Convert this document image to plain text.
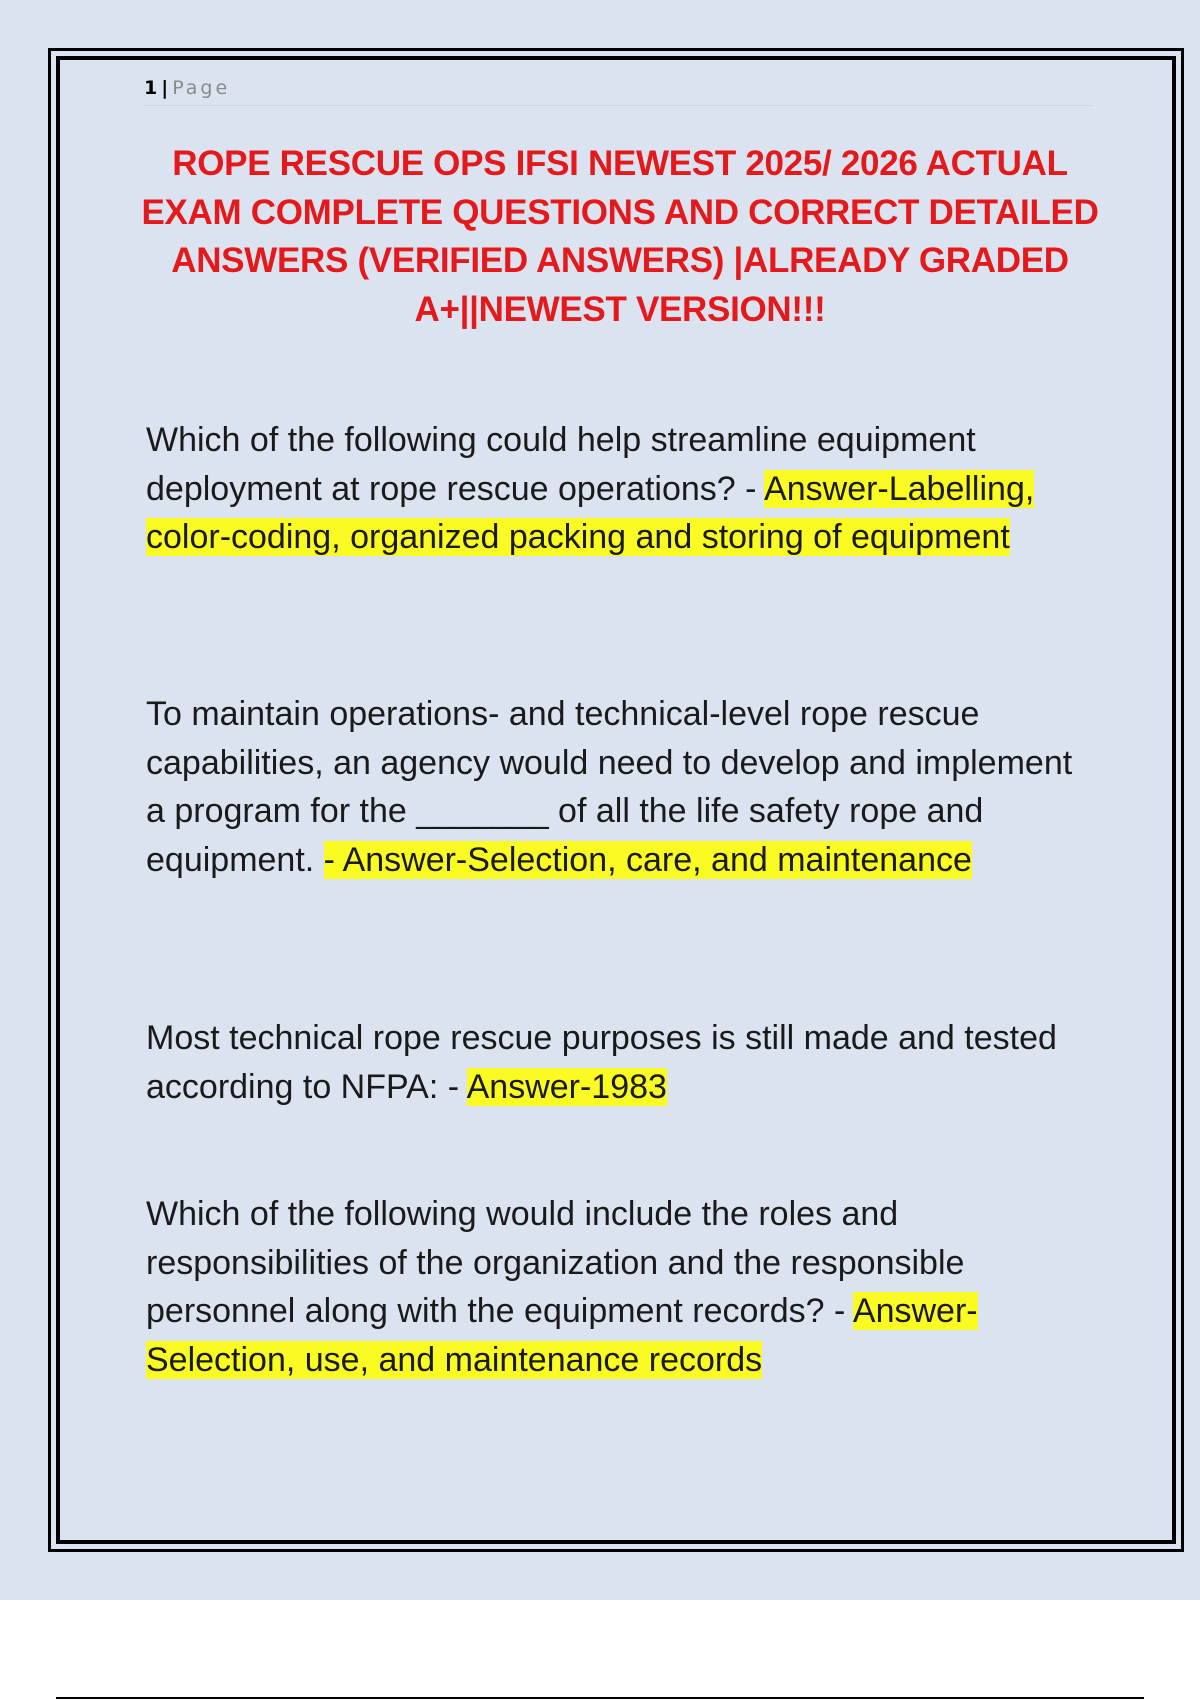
1 | Page
ROPE RESCUE OPS IFSI NEWEST 2025/ 2026 ACTUAL EXAM COMPLETE QUESTIONS AND CORRECT DETAILED ANSWERS (VERIFIED ANSWERS) |ALREADY GRADED A+||NEWEST VERSION!!!

Which of the following could help streamline equipment deployment at rope rescue operations? - Answer-Labelling, color-coding, organized packing and storing of equipment

To maintain operations- and technical-level rope rescue capabilities, an agency would need to develop and implement a program for the _______ of all the life safety rope and equipment. - Answer-Selection, care, and maintenance

Most technical rope rescue purposes is still made and tested according to NFPA: - Answer-1983

Which of the following would include the roles and responsibilities of the organization and the responsible personnel along with the equipment records? - Answer-Selection, use, and maintenance records
